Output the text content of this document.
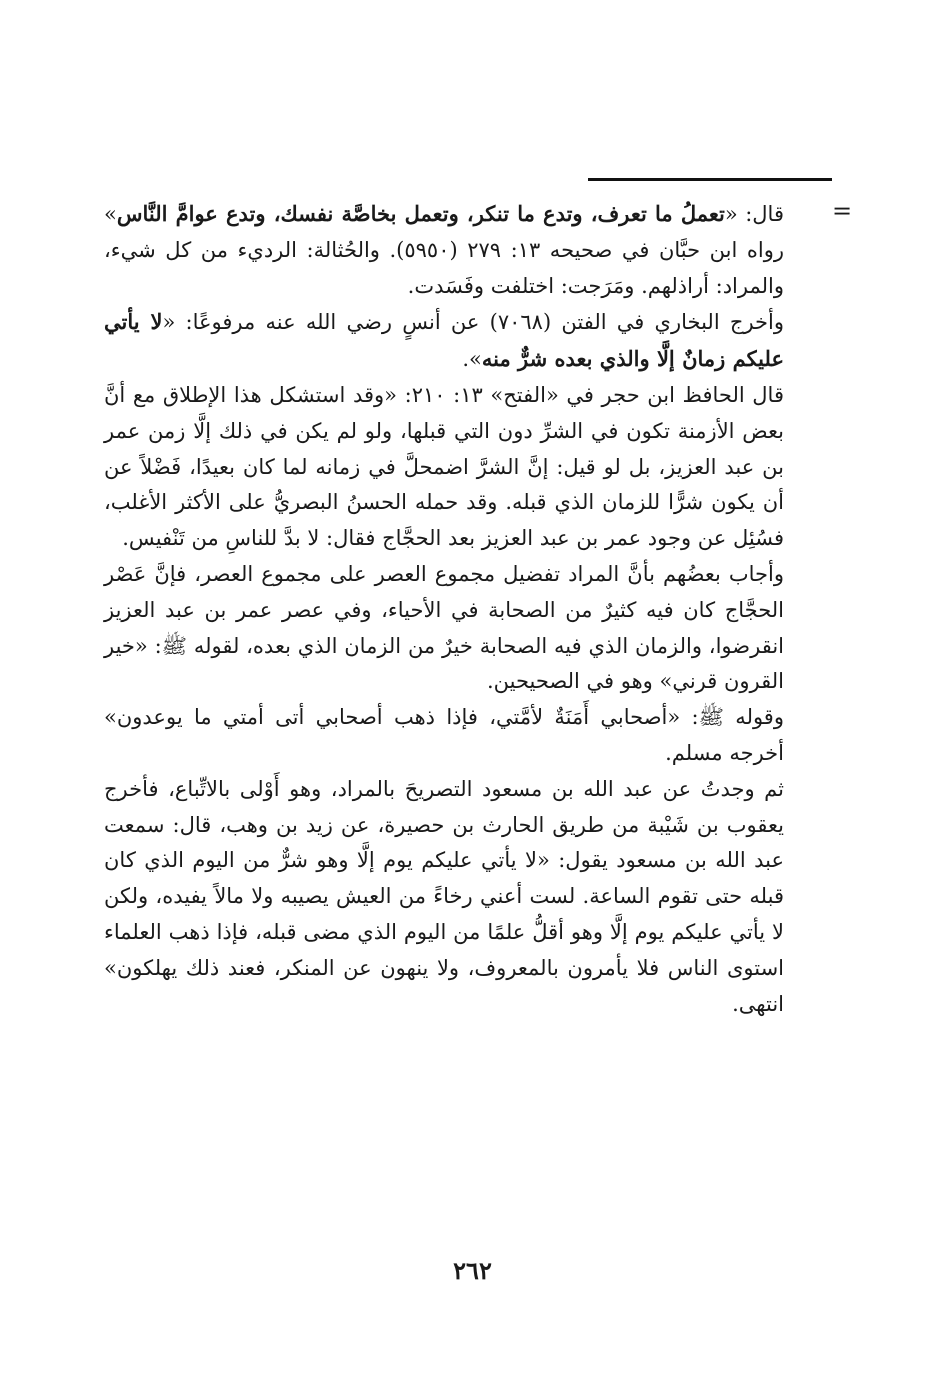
=

قال: «تعملُ ما تعرف، وتدع ما تنكر، وتعمل بخاصَّة نفسك، وتدع عوامَّ النَّاس» رواه ابن حبَّان في صحيحه ١٣: ٢٧٩ (٥٩٥٠). والحُثالة: الرديء من كل شيء، والمراد: أراذلهم. ومَرَجت: اختلفت وفَسَدت.

وأخرج البخاري في الفتن (٧٠٦٨) عن أنسٍ رضي الله عنه مرفوعًا: «لا يأتي عليكم زمانٌ إلَّا والذي بعده شرٌّ منه».

قال الحافظ ابن حجر في «الفتح» ١٣: ٢١٠: «وقد استشكل هذا الإطلاق مع أنَّ بعض الأزمنة تكون في الشرِّ دون التي قبلها، ولو لم يكن في ذلك إلَّا زمن عمر بن عبد العزيز، بل لو قيل: إنَّ الشرَّ اضمحلَّ في زمانه لما كان بعيدًا، فَضْلاً عن أن يكون شرًّا للزمان الذي قبله. وقد حمله الحسنُ البصريُّ على الأكثر الأغلب، فسُئِل عن وجود عمر بن عبد العزيز بعد الحجَّاج فقال: لا بدَّ للناسِ من تَنْفيس.

وأجاب بعضُهم بأنَّ المراد تفضيل مجموع العصر على مجموع العصر، فإنَّ عَصْر الحجَّاج كان فيه كثيرٌ من الصحابة في الأحياء، وفي عصر عمر بن عبد العزيز انقرضوا، والزمان الذي فيه الصحابة خيرٌ من الزمان الذي بعده، لقوله ﷺ: «خير القرون قرني» وهو في الصحيحين.

وقوله ﷺ: «أصحابي أَمَنَةٌ لأمَّتي، فإذا ذهب أصحابي أتى أمتي ما يوعدون» أخرجه مسلم.

ثم وجدتُ عن عبد الله بن مسعود التصريحَ بالمراد، وهو أَوْلى بالاتِّباع، فأخرج يعقوب بن شَيْبة من طريق الحارث بن حصيرة، عن زيد بن وهب، قال: سمعت عبد الله بن مسعود يقول: «لا يأتي عليكم يوم إلَّا وهو شرٌّ من اليوم الذي كان قبله حتى تقوم الساعة. لست أعني رخاءً من العيش يصيبه ولا مالاً يفيده، ولكن لا يأتي عليكم يوم إلَّا وهو أقلُّ علمًا من اليوم الذي مضى قبله، فإذا ذهب العلماء استوى الناس فلا يأمرون بالمعروف، ولا ينهون عن المنكر، فعند ذلك يهلكون» انتهى.

٢٦٢
